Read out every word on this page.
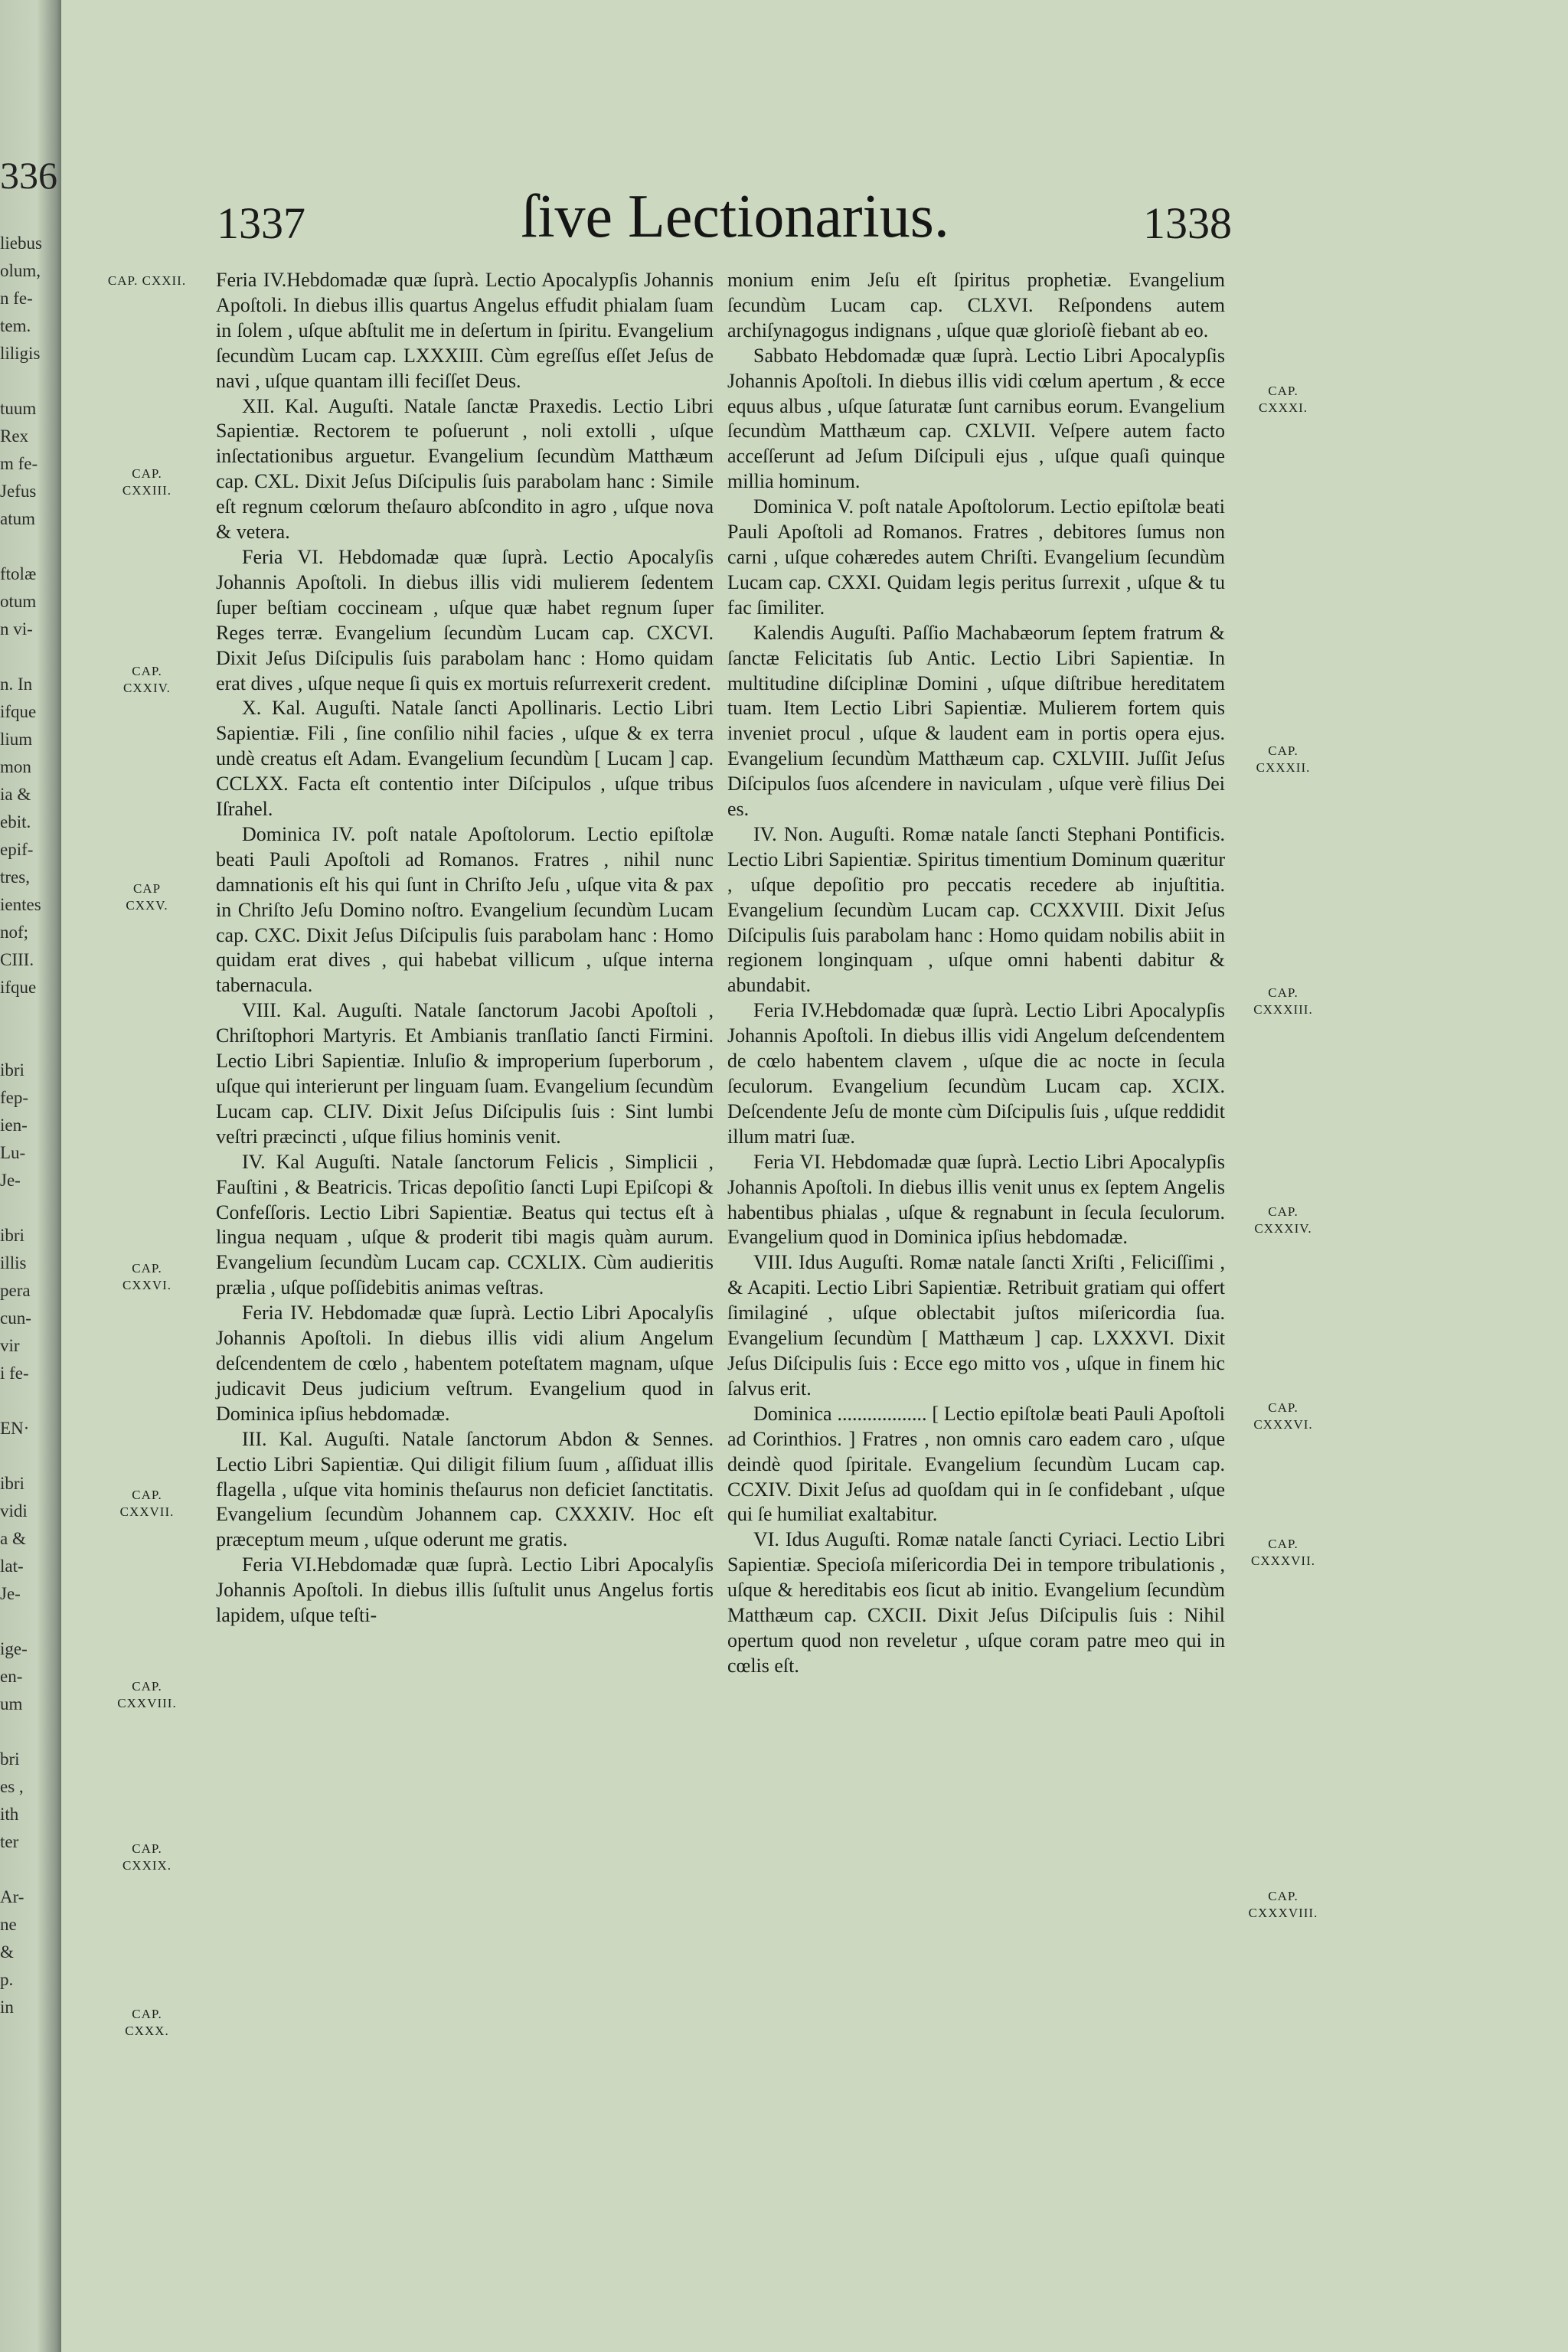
336
liebus
olum,
n fe-
tem.
liligis
tuum
Rex
m fe-
Jefus
atum
ftolæ
otum
n vi-
n. In
ifque
lium
mon
ia &
ebit.
epif-
tres,
ientes
nof;
CIII.
ifque
ibri
fep-
ien-
Lu-
Je-
ibri
illis
pera
cun-
vir
i fe-
EN·
ibri
vidi
a &
lat-
Je-
ige-
en-
um
bri
es ,
ith
ter
Ar-
ne
&
p.
in
1337	ſive Lectionarius.	1338
CAP. CXXII.
CAP.
CXXIII.
CAP.
CXXIV.
CAP
CXXV.
CAP.
CXXVI.
CAP.
CXXVII.
CAP.
CXXVIII.
CAP.
CXXIX.
CAP.
CXXX.

Feria IV.Hebdomadæ quæ ſuprà. Lectio Apocalypſis Johannis Apoſtoli. In diebus illis quartus Angelus effudit phialam ſuam in ſolem , uſque abſtulit me in deſertum in ſpiritu. Evangelium ſecundùm Lucam cap. LXXXIII. Cùm egreſſus eſſet Jeſus de navi , uſque quantam illi feciſſet Deus.

XII. Kal. Auguſti. Natale ſanctæ Praxedis. Lectio Libri Sapientiæ. Rectorem te poſuerunt , noli extolli , uſque inſectationibus arguetur. Evangelium ſecundùm Matthæum cap. CXL. Dixit Jeſus Diſcipulis ſuis parabolam hanc : Simile eſt regnum cœlorum theſauro abſcondito in agro , uſque nova & vetera.

Feria VI. Hebdomadæ quæ ſuprà. Lectio Apocalyſis Johannis Apoſtoli. In diebus illis vidi mulierem ſedentem ſuper beſtiam coccineam , uſque quæ habet regnum ſuper Reges terræ. Evangelium ſecundùm Lucam cap. CXCVI. Dixit Jeſus Diſcipulis ſuis parabolam hanc : Homo quidam erat dives , uſque neque ſi quis ex mortuis reſurrexerit credent.

X. Kal. Auguſti. Natale ſancti Apollinaris. Lectio Libri Sapientiæ. Fili , ſine conſilio nihil facies , uſque & ex terra undè creatus eſt Adam. Evangelium ſecundùm [ Lucam ] cap. CCLXX. Facta eſt contentio inter Diſcipulos , uſque tribus Iſrahel.

Dominica IV. poſt natale Apoſtolorum. Lectio epiſtolæ beati Pauli Apoſtoli ad Romanos. Fratres , nihil nunc damnationis eſt his qui ſunt in Chriſto Jeſu , uſque vita & pax in Chriſto Jeſu Domino noſtro. Evangelium ſecundùm Lucam cap. CXC. Dixit Jeſus Diſcipulis ſuis parabolam hanc : Homo quidam erat dives , qui habebat villicum , uſque interna tabernacula.

VIII. Kal. Auguſti. Natale ſanctorum Jacobi Apoſtoli , Chriſtophori Martyris. Et Ambianis tranſlatio ſancti Firmini. Lectio Libri Sapientiæ. Inluſio & improperium ſuperborum , uſque qui interierunt per linguam ſuam. Evangelium ſecundùm Lucam cap. CLIV. Dixit Jeſus Diſcipulis ſuis : Sint lumbi veſtri præcincti , uſque filius hominis venit.

IV. Kal Auguſti. Natale ſanctorum Felicis , Simplicii , Fauſtini , & Beatricis. Tricas depoſitio ſancti Lupi Epiſcopi & Confeſſoris. Lectio Libri Sapientiæ. Beatus qui tectus eſt à lingua nequam , uſque & proderit tibi magis quàm aurum. Evangelium ſecundùm Lucam cap. CCXLIX. Cùm audieritis prælia , uſque poſſidebitis animas veſtras.

Feria IV. Hebdomadæ quæ ſuprà. Lectio Libri Apocalyſis Johannis Apoſtoli. In diebus illis vidi alium Angelum deſcendentem de cœlo , habentem poteſtatem magnam, uſque judicavit Deus judicium veſtrum. Evangelium quod in Dominica ipſius hebdomadæ.

III. Kal. Auguſti. Natale ſanctorum Abdon & Sennes. Lectio Libri Sapientiæ. Qui diligit filium ſuum , aſſiduat illis flagella , uſque vita hominis theſaurus non deficiet ſanctitatis. Evangelium ſecundùm Johannem cap. CXXXIV. Hoc eſt præceptum meum , uſque oderunt me gratis.

Feria VI.Hebdomadæ quæ ſuprà. Lectio Libri Apocalyſis Johannis Apoſtoli. In diebus illis ſuſtulit unus Angelus fortis lapidem, uſque teſti-

monium enim Jeſu eſt ſpiritus prophetiæ. Evangelium ſecundùm Lucam cap. CLXVI. Reſpondens autem archiſynagogus indignans , uſque quæ glorioſè fiebant ab eo.

Sabbato Hebdomadæ quæ ſuprà. Lectio Libri Apocalypſis Johannis Apoſtoli. In diebus illis vidi cœlum apertum , & ecce equus albus , uſque ſaturatæ ſunt carnibus eorum. Evangelium ſecundùm Matthæum cap. CXLVII. Veſpere autem facto acceſſerunt ad Jeſum Diſcipuli ejus , uſque quaſi quinque millia hominum.

Dominica V. poſt natale Apoſtolorum. Lectio epiſtolæ beati Pauli Apoſtoli ad Romanos. Fratres , debitores ſumus non carni , uſque cohæredes autem Chriſti. Evangelium ſecundùm Lucam cap. CXXI. Quidam legis peritus ſurrexit , uſque & tu fac ſimiliter.

Kalendis Auguſti. Paſſio Machabæorum ſeptem fratrum & ſanctæ Felicitatis ſub Antic. Lectio Libri Sapientiæ. In multitudine diſciplinæ Domini , uſque diſtribue hereditatem tuam. Item Lectio Libri Sapientiæ. Mulierem fortem quis inveniet procul , uſque & laudent eam in portis opera ejus. Evangelium ſecundùm Matthæum cap. CXLVIII. Juſſit Jeſus Diſcipulos ſuos aſcendere in naviculam , uſque verè filius Dei es.

IV. Non. Auguſti. Romæ natale ſancti Stephani Pontificis. Lectio Libri Sapientiæ. Spiritus timentium Dominum quæritur , uſque depoſitio pro peccatis recedere ab injuſtitia. Evangelium ſecundùm Lucam cap. CCXXVIII. Dixit Jeſus Diſcipulis ſuis parabolam hanc : Homo quidam nobilis abiit in regionem longinquam , uſque omni habenti dabitur & abundabit.

Feria IV.Hebdomadæ quæ ſuprà. Lectio Libri Apocalypſis Johannis Apoſtoli. In diebus illis vidi Angelum deſcendentem de cœlo habentem clavem , uſque die ac nocte in ſecula ſeculorum. Evangelium ſecundùm Lucam cap. XCIX. Deſcendente Jeſu de monte cùm Diſcipulis ſuis , uſque reddidit illum matri ſuæ.

Feria VI. Hebdomadæ quæ ſuprà. Lectio Libri Apocalypſis Johannis Apoſtoli. In diebus illis venit unus ex ſeptem Angelis habentibus phialas , uſque & regnabunt in ſecula ſeculorum. Evangelium quod in Dominica ipſius hebdomadæ.

VIII. Idus Auguſti. Romæ natale ſancti Xriſti , Feliciſſimi , & Acapiti. Lectio Libri Sapientiæ. Retribuit gratiam qui offert ſimilaginé , uſque oblectabit juſtos miſericordia ſua. Evangelium ſecundùm [ Matthæum ] cap. LXXXVI. Dixit Jeſus Diſcipulis ſuis : Ecce ego mitto vos , uſque in finem hic ſalvus erit.

Dominica .................. [ Lectio epiſtolæ beati Pauli Apoſtoli ad Corinthios. ] Fratres , non omnis caro eadem caro , uſque deindè quod ſpiritale. Evangelium ſecundùm Lucam cap. CCXIV. Dixit Jeſus ad quoſdam qui in ſe confidebant , uſque qui ſe humiliat exaltabitur.

VI. Idus Auguſti. Romæ natale ſancti Cyriaci. Lectio Libri Sapientiæ. Specioſa miſericordia Dei in tempore tribulationis , uſque & hereditabis eos ſicut ab initio. Evangelium ſecundùm Matthæum cap. CXCII. Dixit Jeſus Diſcipulis ſuis : Nihil opertum quod non reveletur , uſque coram patre meo qui in cœlis eſt.

CAP.
CXXXI.
CAP.
CXXXII.
CAP.
CXXXIII.
CAP.
CXXXIV.
CAP.
CXXXVI.
CAP.
CXXXVII.
CAP.
CXXXVIII.
